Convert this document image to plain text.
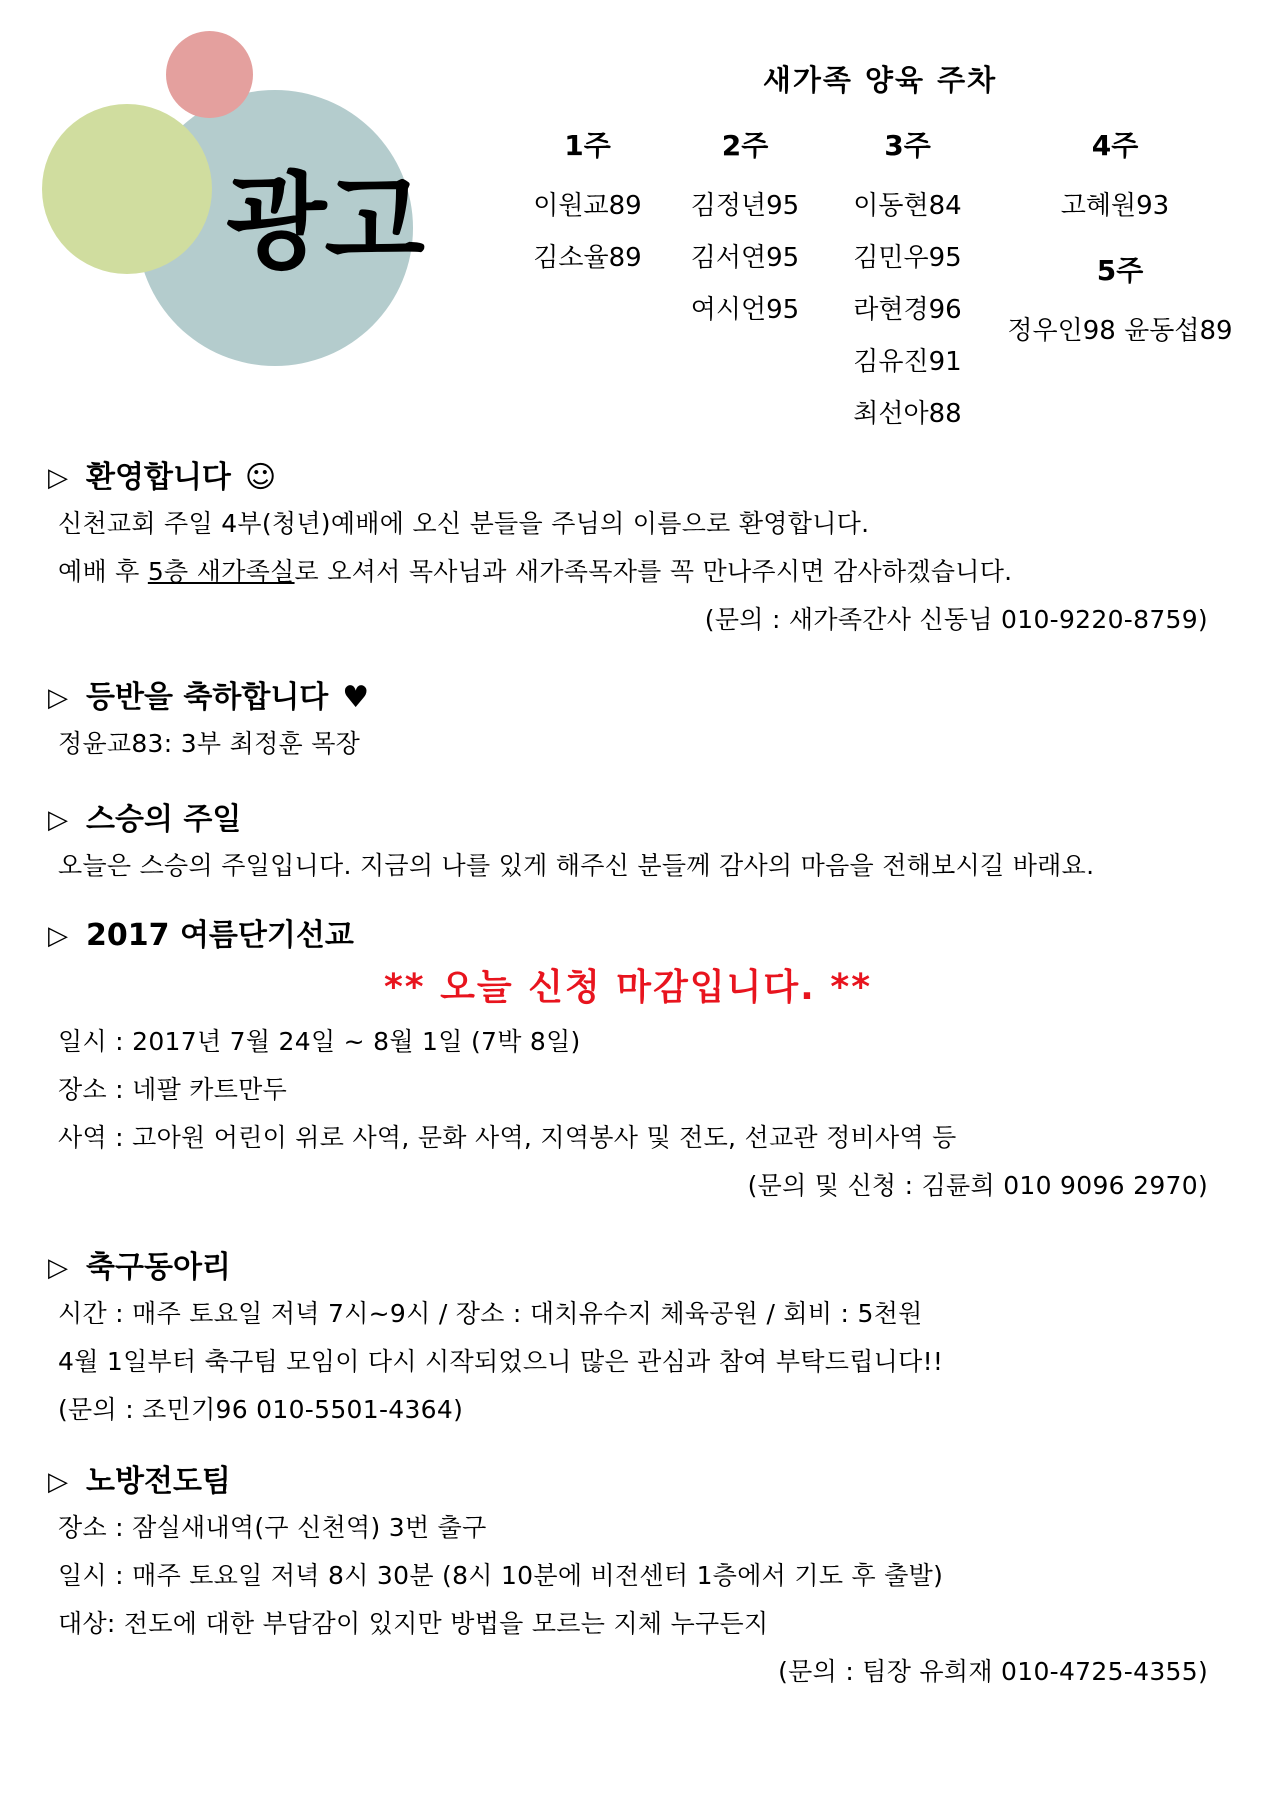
광고
새가족 양육 주차
1주
이원교89
김소율89
2주
김정년95
김서연95
여시언95
3주
이동현84
김민우95
라현경96
김유진91
최선아88
4주
고혜원93
5주
정우인98 윤동섭89
▷ 환영합니다 ☺
신천교회 주일 4부(청년)예배에 오신 분들을 주님의 이름으로 환영합니다.
예배 후 5층 새가족실로 오셔서 목사님과 새가족목자를 꼭 만나주시면 감사하겠습니다.
(문의 : 새가족간사 신동님 010-9220-8759)
▷ 등반을 축하합니다 ♥
정윤교83: 3부 최정훈 목장
▷ 스승의 주일
오늘은 스승의 주일입니다. 지금의 나를 있게 해주신 분들께 감사의 마음을 전해보시길 바래요.
▷ 2017 여름단기선교
** 오늘 신청 마감입니다. **
일시 : 2017년 7월 24일 ~ 8월 1일 (7박 8일)
장소 : 네팔 카트만두
사역 : 고아원 어린이 위로 사역, 문화 사역, 지역봉사 및 전도, 선교관 정비사역 등
(문의 및 신청 : 김륜희 010 9096 2970)
▷ 축구동아리
시간 : 매주 토요일 저녁 7시~9시 / 장소 : 대치유수지 체육공원 / 회비 : 5천원
4월 1일부터 축구팀 모임이 다시 시작되었으니 많은 관심과 참여 부탁드립니다!!
(문의 : 조민기96 010-5501-4364)
▷ 노방전도팀
장소 : 잠실새내역(구 신천역) 3번 출구
일시 : 매주 토요일 저녁 8시 30분 (8시 10분에 비전센터 1층에서 기도 후 출발)
대상: 전도에 대한 부담감이 있지만 방법을 모르는 지체 누구든지
(문의 : 팀장 유희재 010-4725-4355)
